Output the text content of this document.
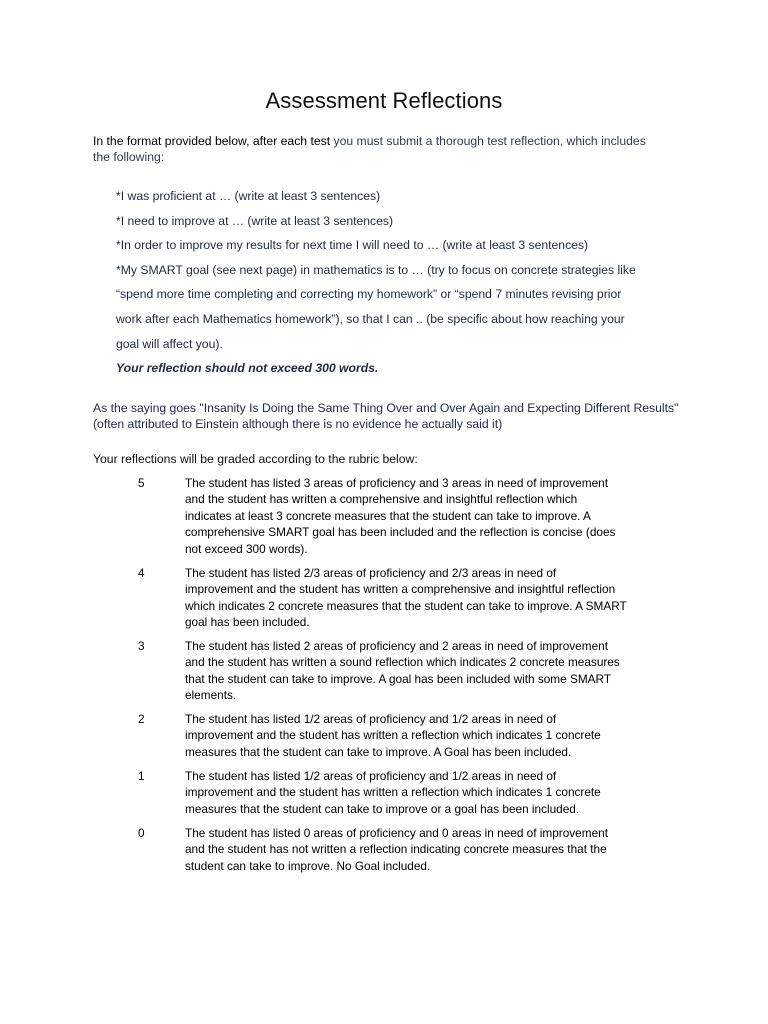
Assessment Reflections
In the format provided below, after each test you must submit a thorough test reflection, which includes the following:
*I was proficient at … (write at least 3 sentences)
*I need to improve at … (write at least 3 sentences)
*In order to improve my results for next time I will need to … (write at least 3 sentences)
*My SMART goal (see next page) in mathematics is to … (try to focus on concrete strategies like
“spend more time completing and correcting my homework” or “spend 7 minutes revising prior
work after each Mathematics homework”), so that I can .. (be specific about how reaching your
goal will affect you).
Your reflection should not exceed 300 words.
As the saying goes "Insanity Is Doing the Same Thing Over and Over Again and Expecting Different Results" (often attributed to Einstein although there is no evidence he actually said it)
Your reflections will be graded according to the rubric below:
5	The student has listed 3 areas of proficiency and 3 areas in need of improvement
and the student has written a comprehensive and insightful reflection which
indicates at least 3 concrete measures that the student can take to improve. A
comprehensive SMART goal has been included and the reflection is concise (does
not exceed 300 words).
4	The student has listed 2/3 areas of proficiency and 2/3 areas in need of
improvement and the student has written a comprehensive and insightful reflection
which indicates 2 concrete measures that the student can take to improve. A SMART
goal has been included.
3	The student has listed 2 areas of proficiency and 2 areas in need of improvement
and the student has written a sound reflection which indicates 2 concrete measures
that the student can take to improve. A goal has been included with some SMART
elements.
2	The student has listed 1/2 areas of proficiency and 1/2 areas in need of
improvement and the student has written a reflection which indicates 1 concrete
measures that the student can take to improve. A Goal has been included.
1	The student has listed 1/2 areas of proficiency and 1/2 areas in need of
improvement and the student has written a reflection which indicates 1 concrete
measures that the student can take to improve or a goal has been included.
0	The student has listed 0 areas of proficiency and 0 areas in need of improvement
and the student has not written a reflection indicating concrete measures that the
student can take to improve. No Goal included.
